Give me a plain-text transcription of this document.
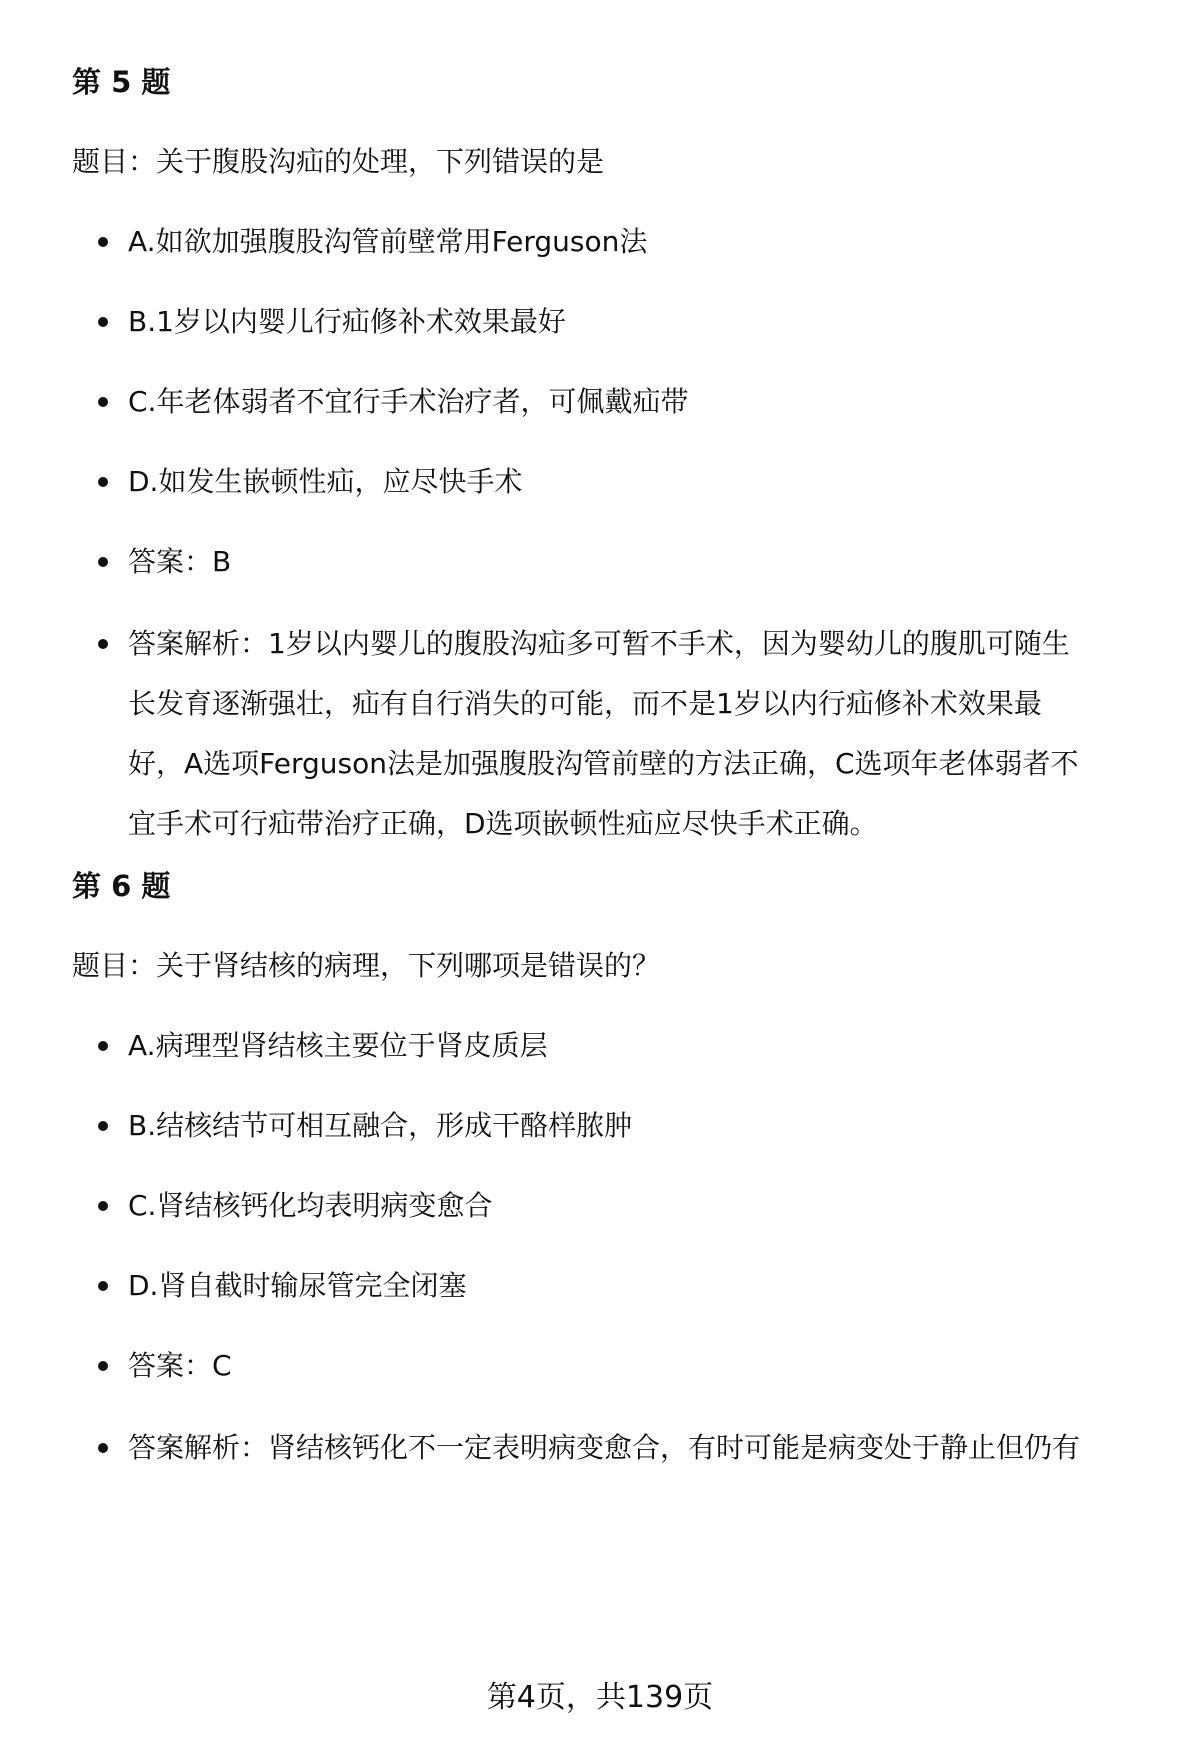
第 5 题

题目：关于腹股沟疝的处理，下列错误的是

A.如欲加强腹股沟管前壁常用Ferguson法
B.1岁以内婴儿行疝修补术效果最好
C.年老体弱者不宜行手术治疗者，可佩戴疝带
D.如发生嵌顿性疝，应尽快手术
答案：B
答案解析：1岁以内婴儿的腹股沟疝多可暂不手术，因为婴幼儿的腹肌可随生长发育逐渐强壮，疝有自行消失的可能，而不是1岁以内行疝修补术效果最好，A选项Ferguson法是加强腹股沟管前壁的方法正确，C选项年老体弱者不宜手术可行疝带治疗正确，D选项嵌顿性疝应尽快手术正确。

第 6 题

题目：关于肾结核的病理，下列哪项是错误的？

A.病理型肾结核主要位于肾皮质层
B.结核结节可相互融合，形成干酪样脓肿
C.肾结核钙化均表明病变愈合
D.肾自截时输尿管完全闭塞
答案：C
答案解析：肾结核钙化不一定表明病变愈合，有时可能是病变处于静止但仍有
第4页，共139页
